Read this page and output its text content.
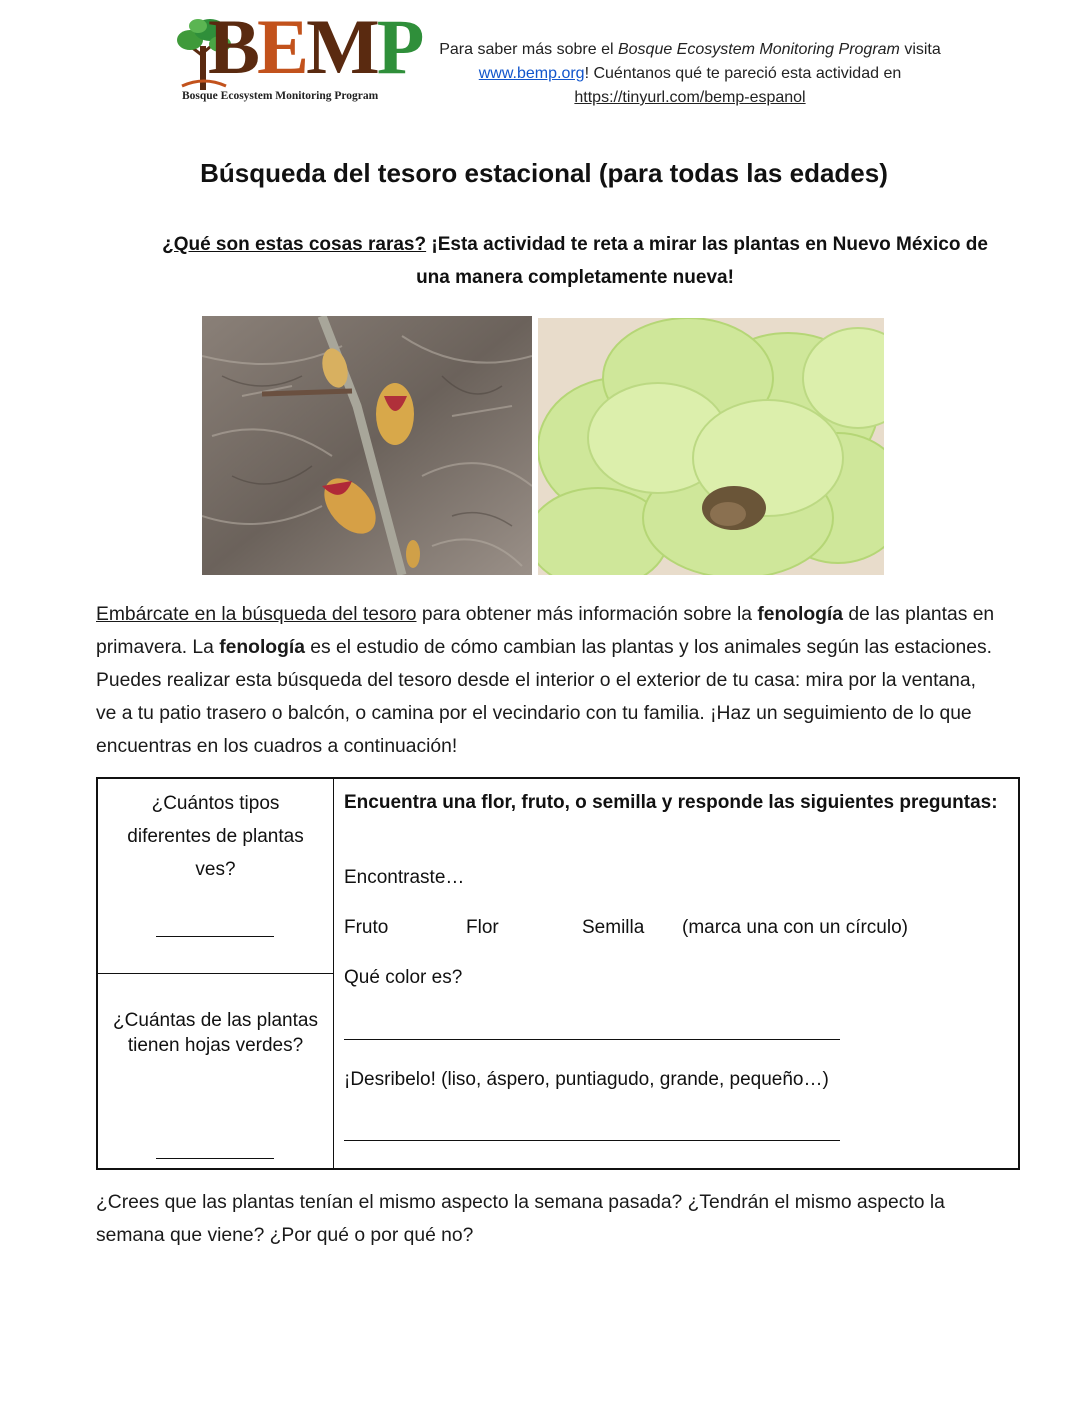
BEMP
Bosque Ecosystem Monitoring Program
Para saber más sobre el Bosque Ecosystem Monitoring Program visita
www.bemp.org! Cuéntanos qué te pareció esta actividad en
https://tinyurl.com/bemp-espanol
Búsqueda del tesoro estacional (para todas las edades)
¿Qué son estas cosas raras? ¡Esta actividad te reta a mirar las plantas en Nuevo México de una manera completamente nueva!
Embárcate en la búsqueda del tesoro para obtener más información sobre la fenología de las plantas en primavera. La fenología es el estudio de cómo cambian las plantas y los animales según las estaciones. Puedes realizar esta búsqueda del tesoro desde el interior o el exterior de tu casa: mira por la ventana, ve a tu patio trasero o balcón, o camina por el vecindario con tu familia. ¡Haz un seguimiento de lo que encuentras en los cuadros a continuación!
¿Cuántos tipos diferentes de plantas ves?
¿Cuántas de las plantas tienen hojas verdes?
Encuentra una flor, fruto, o semilla y responde las siguientes preguntas:
Encontraste…
Fruto	Flor	Semilla (marca una con un círculo)
Qué color es?
¡Desribelo! (liso, áspero, puntiagudo, grande, pequeño…)
¿Crees que las plantas tenían el mismo aspecto la semana pasada? ¿Tendrán el mismo aspecto la semana que viene? ¿Por qué o por qué no?
